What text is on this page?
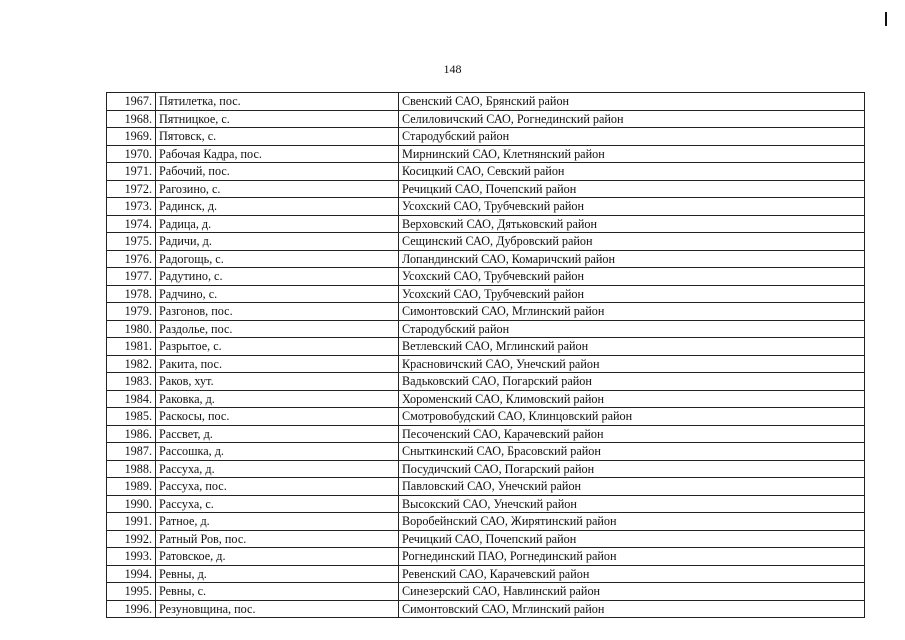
148
1967.	Пятилетка, пос.	Свенский САО, Брянский район
1968.	Пятницкое, с.	Селиловичский САО, Рогнединский район
1969.	Пятовск, с.	Стародубский район
1970.	Рабочая Кадра, пос.	Мирнинский САО, Клетнянский район
1971.	Рабочий, пос.	Косицкий САО, Севский район
1972.	Рагозино, с.	Речицкий САО, Почепский район
1973.	Радинск, д.	Усохский САО, Трубчевский район
1974.	Радица, д.	Верховский САО, Дятьковский район
1975.	Радичи, д.	Сещинский САО, Дубровский район
1976.	Радогощь, с.	Лопандинский САО, Комаричский район
1977.	Радутино, с.	Усохский САО, Трубчевский район
1978.	Радчино, с.	Усохский САО, Трубчевский район
1979.	Разгонов, пос.	Симонтовский САО, Мглинский район
1980.	Раздолье, пос.	Стародубский район
1981.	Разрытое, с.	Ветлевский САО, Мглинский район
1982.	Ракита, пос.	Красновичский САО, Унечский район
1983.	Раков, хут.	Вадьковский САО, Погарский район
1984.	Раковка, д.	Хороменский САО, Климовский район
1985.	Раскосы, пос.	Смотровобудский САО, Клинцовский район
1986.	Рассвет, д.	Песоченский САО, Карачевский район
1987.	Рассошка, д.	Сныткинский САО, Брасовский район
1988.	Рассуха, д.	Посудичский САО, Погарский район
1989.	Рассуха, пос.	Павловский САО, Унечский район
1990.	Рассуха, с.	Высокский САО, Унечский район
1991.	Ратное, д.	Воробейнский САО, Жирятинский район
1992.	Ратный Ров, пос.	Речицкий САО, Почепский район
1993.	Ратовское, д.	Рогнединский ПАО, Рогнединский район
1994.	Ревны, д.	Ревенский САО, Карачевский район
1995.	Ревны, с.	Синезерский САО, Навлинский район
1996.	Резуновщина, пос.	Симонтовский САО, Мглинский район
